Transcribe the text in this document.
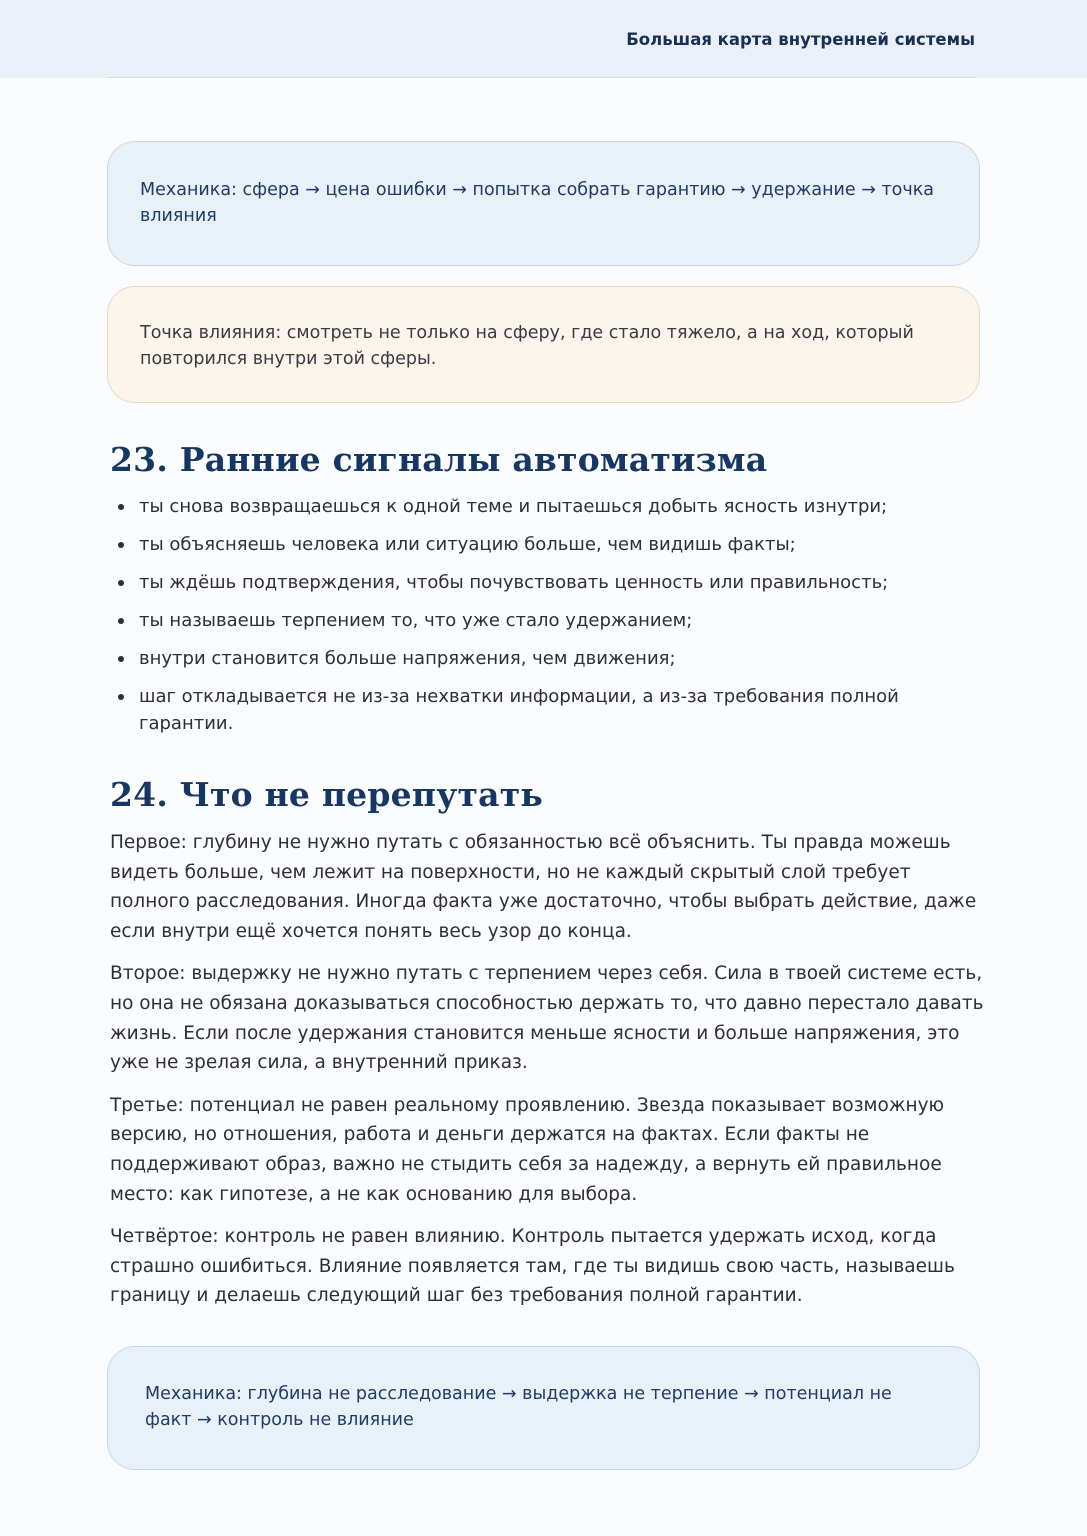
Большая карта внутренней системы
Механика: сфера → цена ошибки → попытка собрать гарантию → удержание → точка влияния
Точка влияния: смотреть не только на сферу, где стало тяжело, а на ход, который повторился внутри этой сферы.
23. Ранние сигналы автоматизма
ты снова возвращаешься к одной теме и пытаешься добыть ясность изнутри;
ты объясняешь человека или ситуацию больше, чем видишь факты;
ты ждёшь подтверждения, чтобы почувствовать ценность или правильность;
ты называешь терпением то, что уже стало удержанием;
внутри становится больше напряжения, чем движения;
шаг откладывается не из-за нехватки информации, а из-за требования полной гарантии.
24. Что не перепутать

Первое: глубину не нужно путать с обязанностью всё объяснить. Ты правда можешь видеть больше, чем лежит на поверхности, но не каждый скрытый слой требует полного расследования. Иногда факта уже достаточно, чтобы выбрать действие, даже если внутри ещё хочется понять весь узор до конца.

Второе: выдержку не нужно путать с терпением через себя. Сила в твоей системе есть, но она не обязана доказываться способностью держать то, что давно перестало давать жизнь. Если после удержания становится меньше ясности и больше напряжения, это уже не зрелая сила, а внутренний приказ.

Третье: потенциал не равен реальному проявлению. Звезда показывает возможную версию, но отношения, работа и деньги держатся на фактах. Если факты не поддерживают образ, важно не стыдить себя за надежду, а вернуть ей правильное место: как гипотезе, а не как основанию для выбора.

Четвёртое: контроль не равен влиянию. Контроль пытается удержать исход, когда страшно ошибиться. Влияние появляется там, где ты видишь свою часть, называешь границу и делаешь следующий шаг без требования полной гарантии.

Механика: глубина не расследование → выдержка не терпение → потенциал не факт → контроль не влияние
